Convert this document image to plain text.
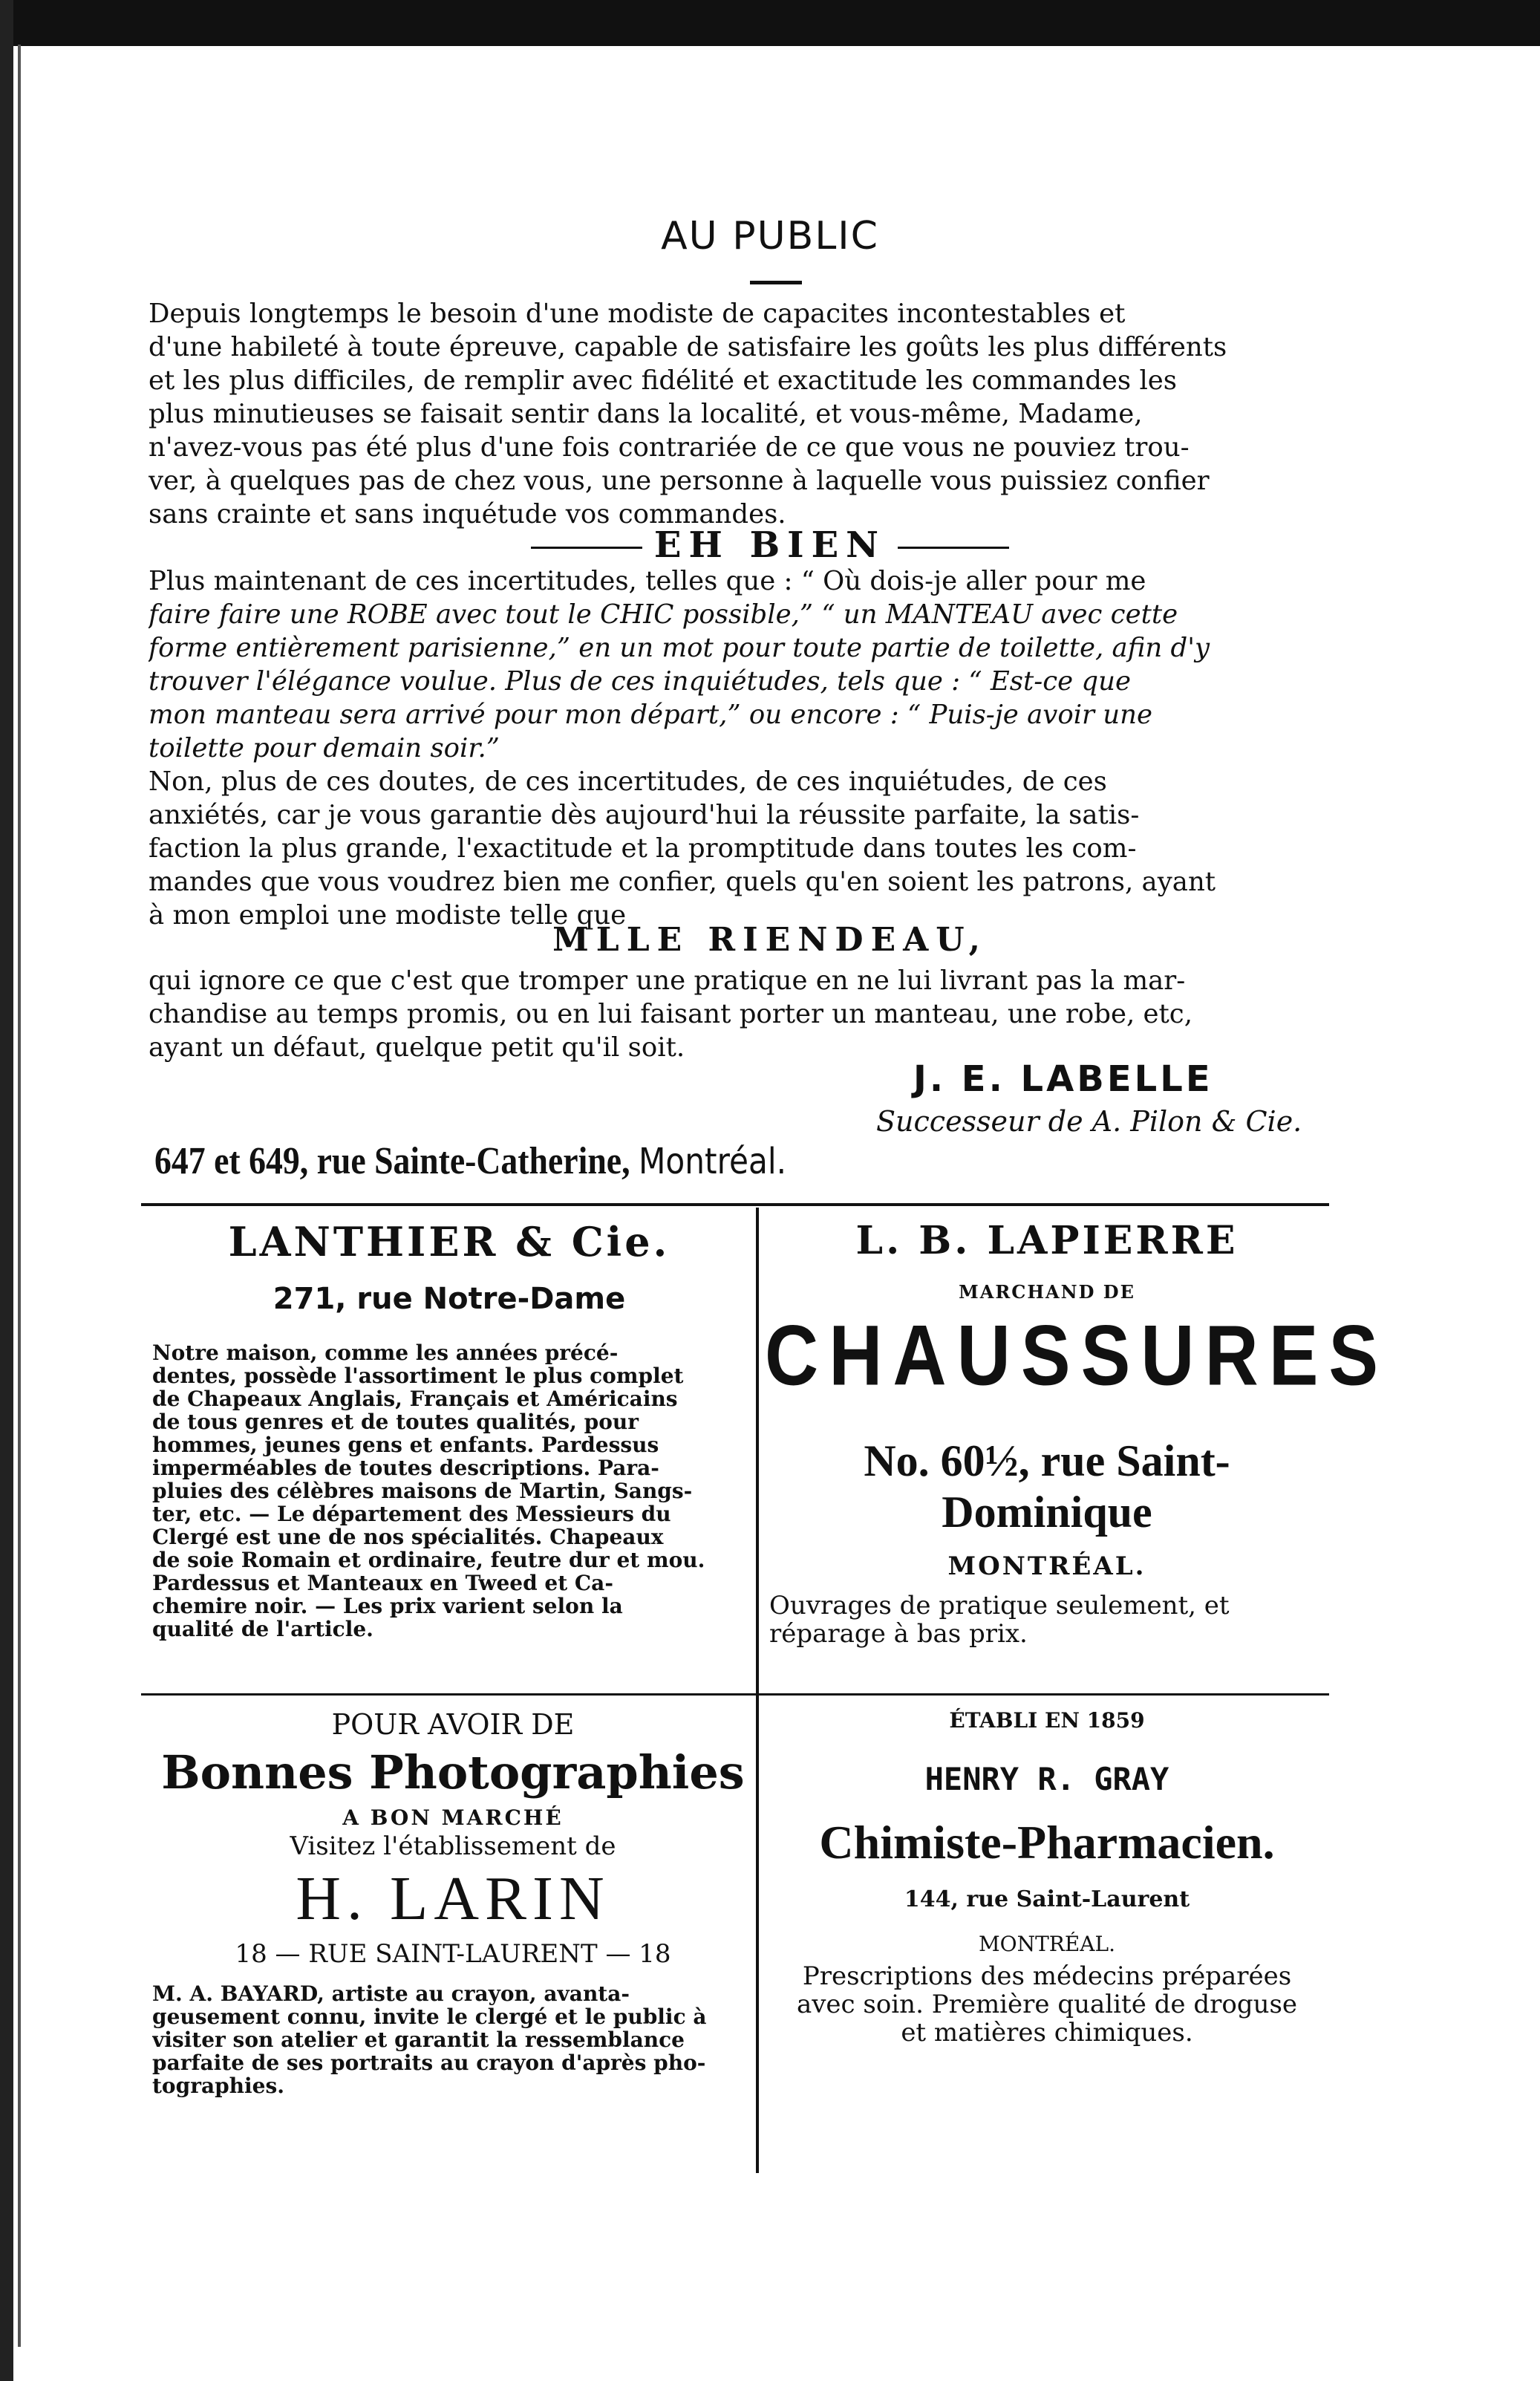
AU PUBLIC
Depuis longtemps le besoin d'une modiste de capacites incontestables et
d'une habileté à toute épreuve, capable de satisfaire les goûts les plus différents
et les plus difficiles, de remplir avec fidélité et exactitude les commandes les
plus minutieuses se faisait sentir dans la localité, et vous-même, Madame,
n'avez-vous pas été plus d'une fois contrariée de ce que vous ne pouviez trou-
ver, à quelques pas de chez vous, une personne à laquelle vous puissiez confier
sans crainte et sans inquétude vos commandes.
EH BIEN
Plus maintenant de ces incertitudes, telles que : “ Où dois-je aller pour me
faire faire une ROBE avec tout le CHIC possible,” “ un MANTEAU avec cette
forme entièrement parisienne,” en un mot pour toute partie de toilette, afin d'y
trouver l'élégance voulue. Plus de ces inquiétudes, tels que : “ Est-ce que
mon manteau sera arrivé pour mon départ,” ou encore : “ Puis-je avoir une
toilette pour demain soir.”
Non, plus de ces doutes, de ces incertitudes, de ces inquiétudes, de ces
anxiétés, car je vous garantie dès aujourd'hui la réussite parfaite, la satis-
faction la plus grande, l'exactitude et la promptitude dans toutes les com-
mandes que vous voudrez bien me confier, quels qu'en soient les patrons, ayant
à mon emploi une modiste telle que
MLLE RIENDEAU,
qui ignore ce que c'est que tromper une pratique en ne lui livrant pas la mar-
chandise au temps promis, ou en lui faisant porter un manteau, une robe, etc,
ayant un défaut, quelque petit qu'il soit.
J. E. LABELLE
Successeur de A. Pilon & Cie.
647 et 649, rue Sainte-Catherine, Montréal.
LANTHIER & Cie.
271, rue Notre-Dame
Notre maison, comme les années précé-
dentes, possède l'assortiment le plus complet
de Chapeaux Anglais, Français et Américains
de tous genres et de toutes qualités, pour
hommes, jeunes gens et enfants. Pardessus
imperméables de toutes descriptions. Para-
pluies des célèbres maisons de Martin, Sangs-
ter, etc. — Le département des Messieurs du
Clergé est une de nos spécialités. Chapeaux
de soie Romain et ordinaire, feutre dur et mou.
Pardessus et Manteaux en Tweed et Ca-
chemire noir. — Les prix varient selon la
qualité de l'article.
L. B. LAPIERRE
MARCHAND DE
CHAUSSURES
No. 60½, rue Saint-Dominique
MONTRÉAL.
Ouvrages de pratique seulement, et
réparage à bas prix.
POUR AVOIR DE
Bonnes Photographies
A BON MARCHÉ
Visitez l'établissement de
H. LARIN
18 — RUE SAINT-LAURENT — 18
M. A. BAYARD, artiste au crayon, avanta-
geusement connu, invite le clergé et le public à
visiter son atelier et garantit la ressemblance
parfaite de ses portraits au crayon d'après pho-
tographies.
ÉTABLI EN 1859
HENRY R. GRAY
Chimiste-Pharmacien.
144, rue Saint-Laurent
MONTRÉAL.
Prescriptions des médecins préparées
avec soin. Première qualité de droguse
et matières chimiques.
